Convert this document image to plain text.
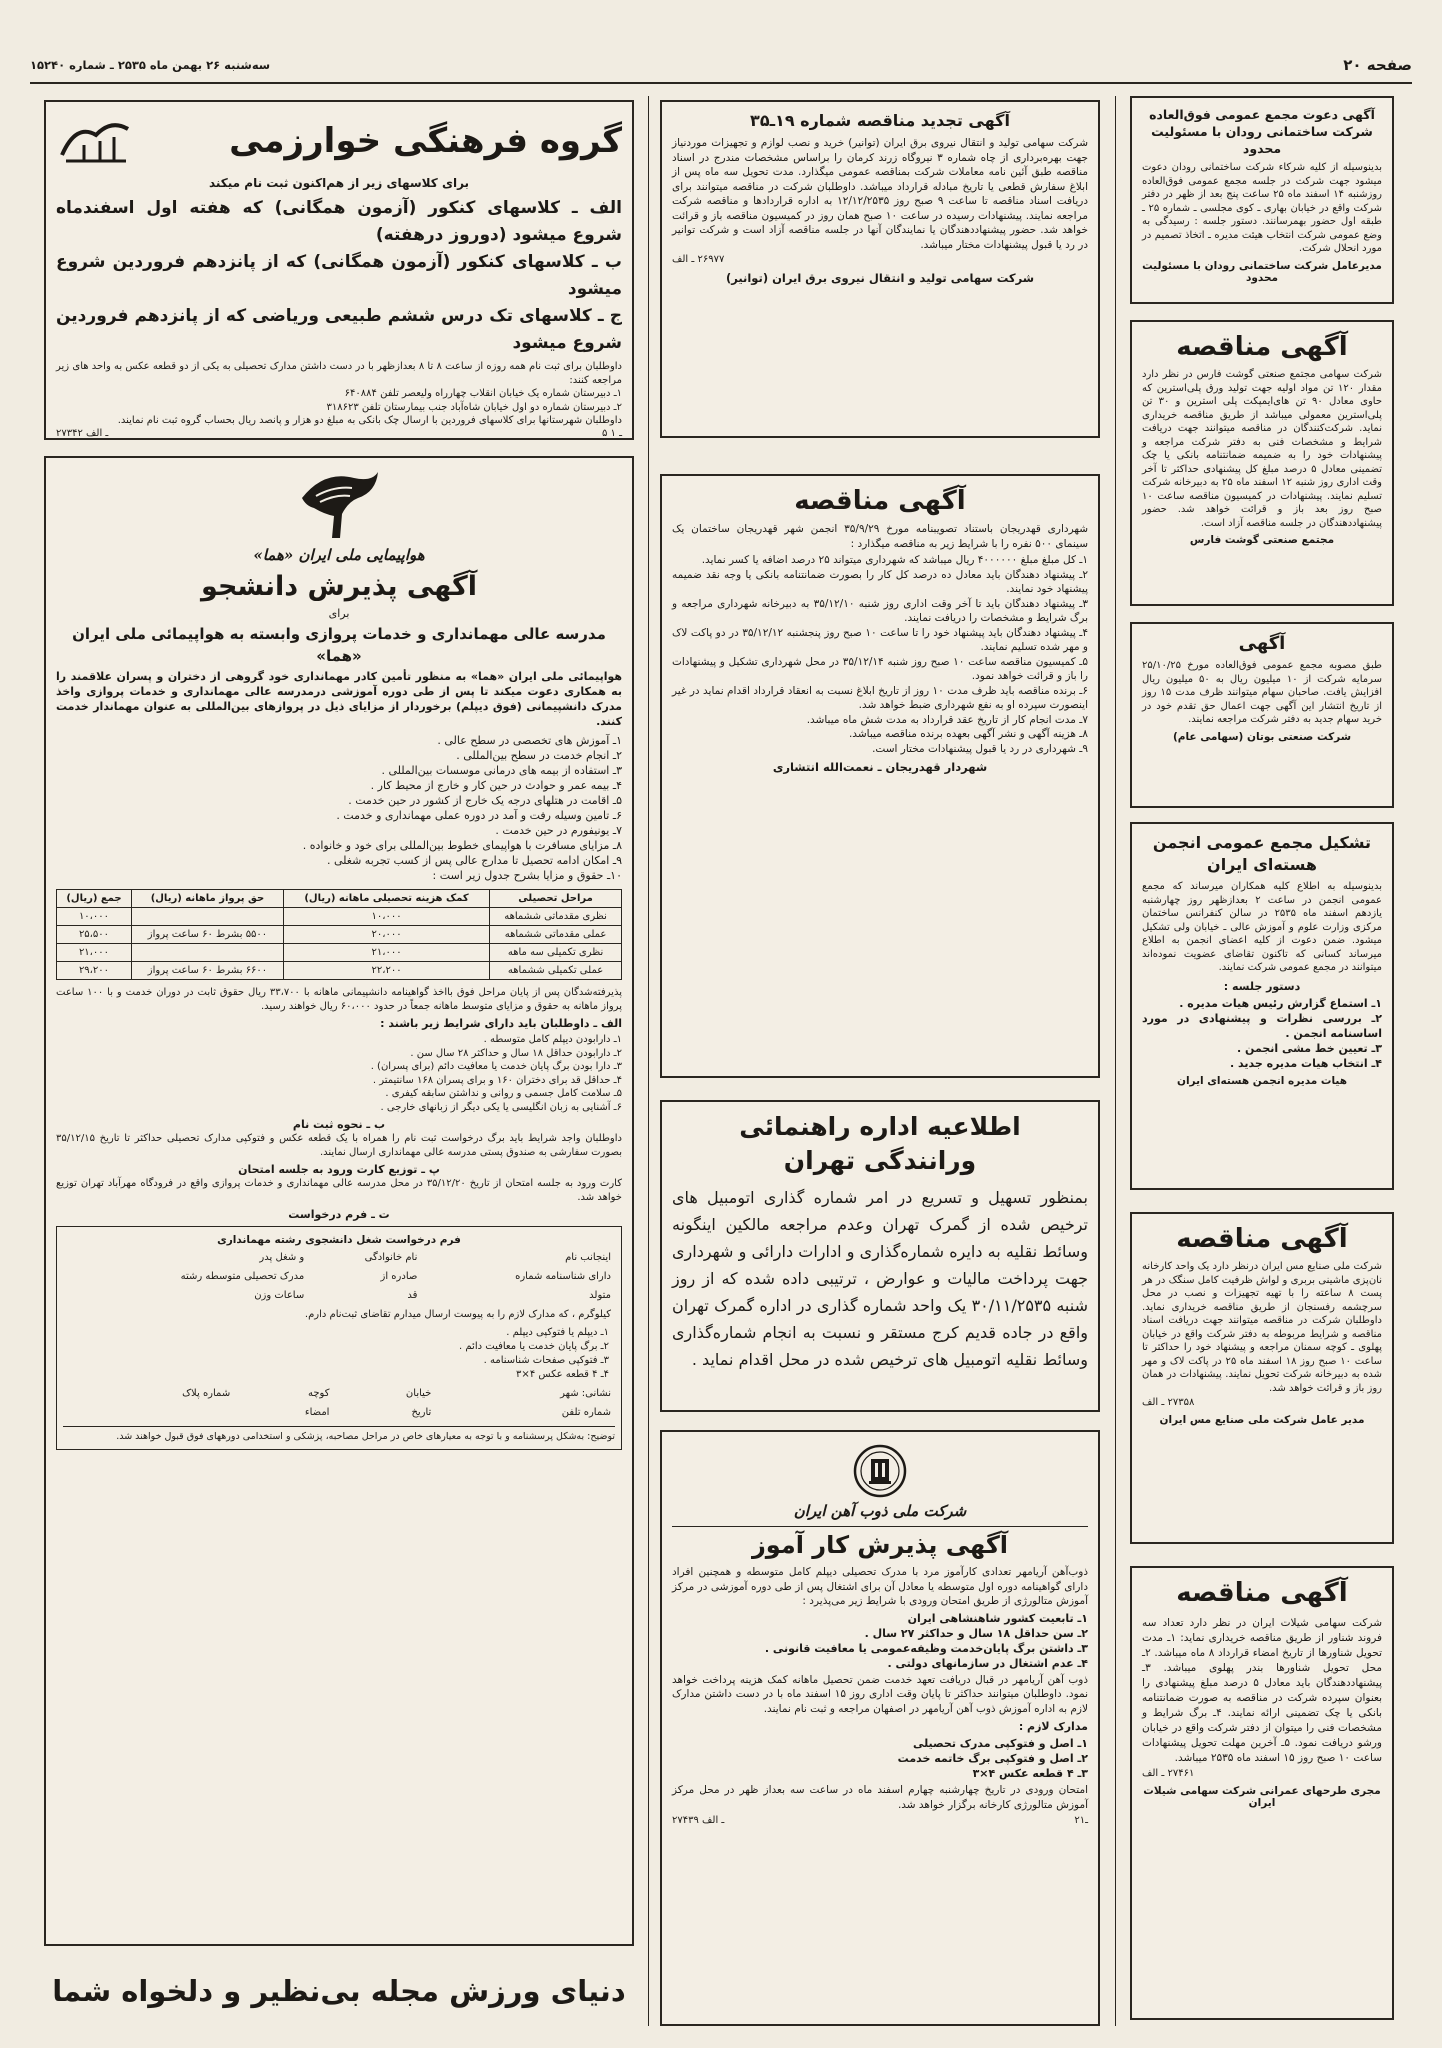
صفحه ۲۰
سه‌شنبه ۲۶ بهمن ماه ۲۵۳۵ ـ شماره ۱۵۲۴۰
آگهی دعوت مجمع عمومی فوق‌العاده شرکت ساختمانی رودان با مسئولیت محدود

بدینوسیله از کلیه شرکاء شرکت ساختمانی رودان دعوت میشود جهت شرکت در جلسه مجمع عمومی فوق‌العاده روزشنبه ۱۴ اسفند ماه ۲۵ ساعت پنج بعد از ظهر در دفتر شرکت واقع در خیابان بهاری ـ کوی مجلسی ـ شماره ۲۵ ـ طبقه اول حضور بهمرسانند. دستور جلسه : رسیدگی به وضع عمومی شرکت انتخاب هیئت مدیره ـ اتخاذ تصمیم در مورد انحلال شرکت.

مدیرعامل شرکت ساختمانی رودان با مسئولیت محدود

آگهی مناقصه

شرکت سهامی مجتمع صنعتی گوشت فارس در نظر دارد مقدار ۱۲۰ تن مواد اولیه جهت تولید ورق پلی‌استرین که حاوی معادل ۹۰ تن های‌ایمپکت پلی استرین و ۳۰ تن پلی‌استرین معمولی میباشد از طریق مناقصه خریداری نماید. شرکت‌کنندگان در مناقصه میتوانند جهت دریافت شرایط و مشخصات فنی به دفتر شرکت مراجعه و پیشنهادات خود را به ضمیمه ضمانتنامه بانکی یا چک تضمینی معادل ۵ درصد مبلغ کل پیشنهادی حداکثر تا آخر وقت اداری روز شنبه ۱۲ اسفند ماه ۲۵ به دبیرخانه شرکت تسلیم نمایند. پیشنهادات در کمیسیون مناقصه ساعت ۱۰ صبح روز بعد باز و قرائت خواهد شد. حضور پیشنهاددهندگان در جلسه مناقصه آزاد است.

مجتمع صنعتی گوشت فارس

آگهی

طبق مصوبه مجمع عمومی فوق‌العاده مورخ ۲۵/۱۰/۲۵ سرمایه شرکت از ۱۰ میلیون ریال به ۵۰ میلیون ریال افزایش یافت. صاحبان سهام میتوانند ظرف مدت ۱۵ روز از تاریخ انتشار این آگهی جهت اعمال حق تقدم خود در خرید سهام جدید به دفتر شرکت مراجعه نمایند.

شرکت صنعتی بوتان (سهامی عام)

تشکیل مجمع عمومی انجمن هسته‌ای ایران

بدینوسیله به اطلاع کلیه همکاران میرساند که مجمع عمومی انجمن در ساعت ۲ بعدازظهر روز چهارشنبه یازدهم اسفند ماه ۲۵۳۵ در سالن کنفرانس ساختمان مرکزی وزارت علوم و آموزش عالی ـ خیابان ولی تشکیل میشود. ضمن دعوت از کلیه اعضای انجمن به اطلاع میرساند کسانی که تاکنون تقاضای عضویت نموده‌اند میتوانند در مجمع عمومی شرکت نمایند.

دستور جلسه :

۱ـ استماع گزارش رئیس هیات مدیره .
۲ـ بررسی نظرات و پیشنهادی در مورد اساسنامه انجمن .
۳ـ تعیین خط مشی انجمن .
۴ـ انتخاب هیات مدیره جدید .

هیات مدیره انجمن هسته‌ای ایران

آگهی مناقصه

شرکت ملی صنایع مس ایران درنظر دارد یک واحد کارخانه نان‌پزی ماشینی بربری و لواش ظرفیت کامل سنگک در هر پست ۸ ساعته را با تهیه تجهیزات و نصب در محل سرچشمه رفسنجان از طریق مناقصه خریداری نماید. داوطلبان شرکت در مناقصه میتوانند جهت دریافت اسناد مناقصه و شرایط مربوطه به دفتر شرکت واقع در خیابان پهلوی ـ کوچه سمنان مراجعه و پیشنهاد خود را حداکثر تا ساعت ۱۰ صبح روز ۱۸ اسفند ماه ۲۵ در پاکت لاک و مهر شده به دبیرخانه شرکت تحویل نمایند. پیشنهادات در همان روز باز و قرائت خواهد شد.

۲۷۳۵۸ ـ الف

مدیر عامل شرکت ملی صنایع مس ایران

آگهی مناقصه

شرکت سهامی شیلات ایران در نظر دارد تعداد سه فروند شناور از طریق مناقصه خریداری نماید: ۱ـ مدت تحویل شناور‌ها از تاریخ امضاء قرارداد ۸ ماه میباشد. ۲ـ محل تحویل شناور‌ها بندر پهلوی میباشد. ۳ـ پیشنهاددهندگان باید معادل ۵ درصد مبلغ پیشنهادی را بعنوان سپرده شرکت در مناقصه به صورت ضمانتنامه بانکی یا چک تضمینی ارائه نمایند. ۴ـ برگ شرایط و مشخصات فنی را میتوان از دفتر شرکت واقع در خیابان ورشو دریافت نمود. ۵ـ آخرین مهلت تحویل پیشنهادات ساعت ۱۰ صبح روز ۱۵ اسفند ماه ۲۵۳۵ میباشد.

۲۷۴۶۱ ـ الف

مجری طرحهای عمرانی شرکت سهامی شیلات ایران

آگهی تجدید مناقصه شماره ۱۹ـ۳۵

شرکت سهامی تولید و انتقال نیروی برق ایران (توانیر) خرید و نصب لوازم و تجهیزات موردنیاز جهت بهره‌برداری از چاه شماره ۳ نیروگاه زرند کرمان را براساس مشخصات مندرج در اسناد مناقصه طبق آئین نامه معاملات شرکت بمناقصه عمومی میگذارد. مدت تحویل سه ماه پس از ابلاغ سفارش قطعی یا تاریخ مبادله قرارداد میباشد. داوطلبان شرکت در مناقصه میتوانند برای دریافت اسناد مناقصه تا ساعت ۹ صبح روز ۱۲/۱۲/۲۵۳۵ به اداره قراردادها و مناقصه شرکت مراجعه نمایند. پیشنهادات رسیده در ساعت ۱۰ صبح همان روز در کمیسیون مناقصه باز و قرائت خواهد شد. حضور پیشنهاددهندگان یا نمایندگان آنها در جلسه مناقصه آزاد است و شرکت توانیر در رد یا قبول پیشنهادات مختار میباشد.

۲۶۹۷۷ ـ الف

شرکت سهامی تولید و انتقال نیروی برق ایران (توانیر)

آگهی مناقصه

شهرداری قهدریجان باستناد تصویبنامه مورخ ۳۵/۹/۲۹ انجمن شهر قهدریجان ساختمان یک سینمای ۵۰۰ نفره را با شرایط زیر به مناقصه میگذارد :

۱ـ کل مبلغ مبلغ ۴۰۰۰۰۰۰ ریال میباشد که شهرداری میتواند ۲۵ درصد اضافه یا کسر نماید.
۲ـ پیشنهاد دهندگان باید معادل ده درصد کل کار را بصورت ضمانتنامه بانکی یا وجه نقد ضمیمه پیشنهاد خود نمایند.
۳ـ پیشنهاد دهندگان باید تا آخر وقت اداری روز شنبه ۳۵/۱۲/۱۰ به دبیرخانه شهرداری مراجعه و برگ شرایط و مشخصات را دریافت نمایند.
۴ـ پیشنهاد دهندگان باید پیشنهاد خود را تا ساعت ۱۰ صبح روز پنجشنبه ۳۵/۱۲/۱۲ در دو پاکت لاک و مهر شده تسلیم نمایند.
۵ـ کمیسیون مناقصه ساعت ۱۰ صبح روز شنبه ۳۵/۱۲/۱۴ در محل شهرداری تشکیل و پیشنهادات را باز و قرائت خواهد نمود.
۶ـ برنده مناقصه باید ظرف مدت ۱۰ روز از تاریخ ابلاغ نسبت به انعقاد قرارداد اقدام نماید در غیر اینصورت سپرده او به نفع شهرداری ضبط خواهد شد.
۷ـ مدت انجام کار از تاریخ عقد قرارداد به مدت شش ماه میباشد.
۸ـ هزینه آگهی و نشر آگهی بعهده برنده مناقصه میباشد.
۹ـ شهرداری در رد یا قبول پیشنهادات مختار است.

شهردار قهدریجان ـ نعمت‌الله انتشاری

اطلاعیه اداره راهنمائی ورانندگی تهران

بمنظور تسهیل و تسریع در امر شماره گذاری اتومبیل های ترخیص شده از گمرک تهران وعدم مراجعه مالکین اینگونه وسائط نقلیه به دایره شماره‌گذاری و ادارات دارائی و شهرداری جهت پرداخت مالیات و عوارض ، ترتیبی داده شده که از روز شنبه ۳۰/۱۱/۲۵۳۵ یک واحد شماره گذاری در اداره گمرک تهران واقع در جاده قدیم کرج مستقر و نسبت به انجام شماره‌گذاری وسائط نقلیه اتومبیل های ترخیص شده در محل اقدام نماید .

شرکت ملی ذوب آهن ایران

آگهی پذیرش کار آموز

ذوب‌آهن آریامهر تعدادی کارآموز مرد با مدرک تحصیلی دیپلم کامل متوسطه و همچنین افراد دارای گواهینامه دوره اول متوسطه یا معادل آن برای اشتغال پس از طی دوره آموزشی در مرکز آموزش متالورژی از طریق امتحان ورودی با شرایط زیر می‌پذیرد :

۱ـ تابعیت کشور شاهنشاهی ایران
۲ـ سن حداقل ۱۸ سال و حداکثر ۲۷ سال .
۳ـ داشتن برگ پایان‌خدمت وظیفه‌عمومی یا معافیت قانونی .
۴ـ عدم اشتغال در سازمانهای دولتی .

ذوب آهن آریامهر در قبال دریافت تعهد خدمت ضمن تحصیل ماهانه کمک هزینه پرداخت خواهد نمود. داوطلبان میتوانند حداکثر تا پایان وقت اداری روز ۱۵ اسفند ماه با در دست داشتن مدارک لازم به اداره آموزش ذوب آهن آریامهر در اصفهان مراجعه و ثبت نام نمایند.

مدارک لازم :

۱ـ اصل و فتوکپی مدرک تحصیلی
۲ـ اصل و فتوکپی برگ خاتمه خدمت
۳ـ ۴ قطعه عکس ۴×۳

امتحان ورودی در تاریخ چهارشنبه چهارم اسفند ماه در ساعت سه بعداز ظهر در محل مرکز آموزش متالورژی کارخانه برگزار خواهد شد.

۲۷۴۳۹ ـ الف	۲ـ۱
گروه فرهنگی خوارزمی

برای کلاسهای زیر از هم‌اکنون ثبت نام میکند

الف ـ کلاسهای کنکور (آزمون همگانی) که هفته اول اسفندماه شروع میشود (دوروز درهفته)

ب ـ کلاسهای کنکور (آزمون همگانی) که از پانزدهم فروردین شروع میشود

ج ـ کلاسهای تک درس ششم طبیعی وریاضی که از پانزدهم فروردین شروع میشود

داوطلبان برای ثبت نام همه روزه از ساعت ۸ تا ۸ بعدازظهر با در دست داشتن مدارک تحصیلی به یکی از دو قطعه عکس به واحد های زیر مراجعه کنند:

۱ـ دبیرستان شماره یک خیابان انقلاب چهارراه ولیعصر تلفن ۶۴۰۸۸۴

۲ـ دبیرستان شماره دو اول خیابان شاه‌آباد جنب بیمارستان تلفن ۳۱۸۶۲۳

داوطلبان شهرستانها برای کلاسهای فروردین با ارسال چک بانکی به مبلغ دو هزار و پانصد ریال بحساب گروه ثبت نام نمایند.

۲۷۳۴۲ ـ الف	۵ ـ ۱

هواپیمایی ملی ایران «هما»

آگهی پذیرش دانشجو

برای

مدرسه عالی مهمانداری و خدمات پروازی وابسته به هواپیمائی ملی ایران «هما»

هواپیمائی ملی ایران «هما» به منظور تأمین کادر مهمانداری خود گروهی از دختران و پسران علاقمند را به همکاری دعوت میکند تا پس از طی دوره آموزشی درمدرسه عالی مهمانداری و خدمات پروازی واخذ مدرک دانشپیمانی (فوق دیپلم) برخوردار از مزایای ذیل در پروازهای بین‌المللی به عنوان مهماندار خدمت کنند.

۱ـ آموزش های تخصصی در سطح عالی .
۲ـ انجام خدمت در سطح بین‌المللی .
۳ـ استفاده از بیمه های درمانی موسسات بین‌المللی .
۴ـ بیمه عمر و حوادث در حین کار و خارج از محیط کار .
۵ـ اقامت در هتلهای درجه یک خارج از کشور در حین خدمت .
۶ـ تامین وسیله رفت و آمد در دوره عملی مهمانداری و خدمت .
۷ـ یونیفورم در حین خدمت .
۸ـ مزایای مسافرت با هواپیمای خطوط بین‌المللی برای خود و خانواده .
۹ـ امکان ادامه تحصیل تا مدارج عالی پس از کسب تجربه شغلی .
۱۰ـ حقوق و مزایا بشرح جدول زیر است :
مراحل تحصیلی	کمک هزینه تحصیلی ماهانه (ریال)	حق پرواز ماهانه (ریال)	جمع (ریال)
نظری مقدماتی ششماهه	۱۰،۰۰۰		۱۰،۰۰۰
عملی مقدماتی ششماهه	۲۰،۰۰۰	۵۵۰۰ بشرط ۶۰ ساعت پرواز	۲۵،۵۰۰
نظری تکمیلی سه ماهه	۲۱،۰۰۰		۲۱،۰۰۰
عملی تکمیلی ششماهه	۲۲،۲۰۰	۶۶۰۰ بشرط ۶۰ ساعت پرواز	۲۹،۲۰۰

پذیرفته‌شدگان پس از پایان مراحل فوق بااخذ گواهینامه دانشپیمانی ماهانه با ۳۳،۷۰۰ ریال حقوق ثابت در دوران خدمت و با ۱۰۰ ساعت پرواز ماهانه به حقوق و مزایای متوسط ماهانه جمعاً در حدود ۶۰،۰۰۰ ریال خواهند رسید.

الف ـ داوطلبان باید دارای شرایط زیر باشند :

۱ـ دارابودن دیپلم کامل متوسطه .
۲ـ دارابودن حداقل ۱۸ سال و حداکثر ۲۸ سال سن .
۳ـ دارا بودن برگ پایان خدمت یا معافیت دائم (برای پسران) .
۴ـ حداقل قد برای دختران ۱۶۰ و برای پسران ۱۶۸ سانتیمتر .
۵ـ سلامت کامل جسمی و روانی و نداشتن سابقه کیفری .
۶ـ آشنایی به زبان انگلیسی یا یکی دیگر از زبانهای خارجی .

ب ـ نحوه ثبت نام

داوطلبان واجد شرایط باید برگ درخواست ثبت نام را همراه با یک قطعه عکس و فتوکپی مدارک تحصیلی حداکثر تا تاریخ ۳۵/۱۲/۱۵ بصورت سفارشی به صندوق پستی مدرسه عالی مهمانداری ارسال نمایند.

پ ـ توزیع کارت ورود به جلسه امتحان

کارت ورود به جلسه امتحان از تاریخ ۳۵/۱۲/۲۰ در محل مدرسه عالی مهمانداری و خدمات پروازی واقع در فرودگاه مهرآباد تهران توزیع خواهد شد.

ت ـ فرم درخواست

فرم درخواست شغل دانشجوی رشته مهمانداری

اینجانب نام	نام خانوادگی	و شغل پدر
دارای شناسنامه شماره	صادره از	مدرک تحصیلی متوسطه رشته
متولد	قد	ساعات وزن
کیلوگرم ، که مدارک لازم را به پیوست ارسال میدارم تقاضای ثبت‌نام دارم.		
۱ـ دیپلم یا فتوکپی دیپلم .
۲ـ برگ پایان خدمت یا معافیت دائم .
۳ـ فتوکپی صفحات شناسنامه .
۴ـ ۴ قطعه عکس ۴×۳
نشانی: شهر	خیابان	کوچه	شماره پلاک
شماره تلفن	تاریخ	امضاء	

توضیح: به‌شکل پرسشنامه و با توجه به معیارهای خاص در مراحل مصاحبه، پزشکی و استخدامی دورههای فوق قبول خواهند شد.

دنیای ورزش مجله بی‌نظیر و دلخواه شما
